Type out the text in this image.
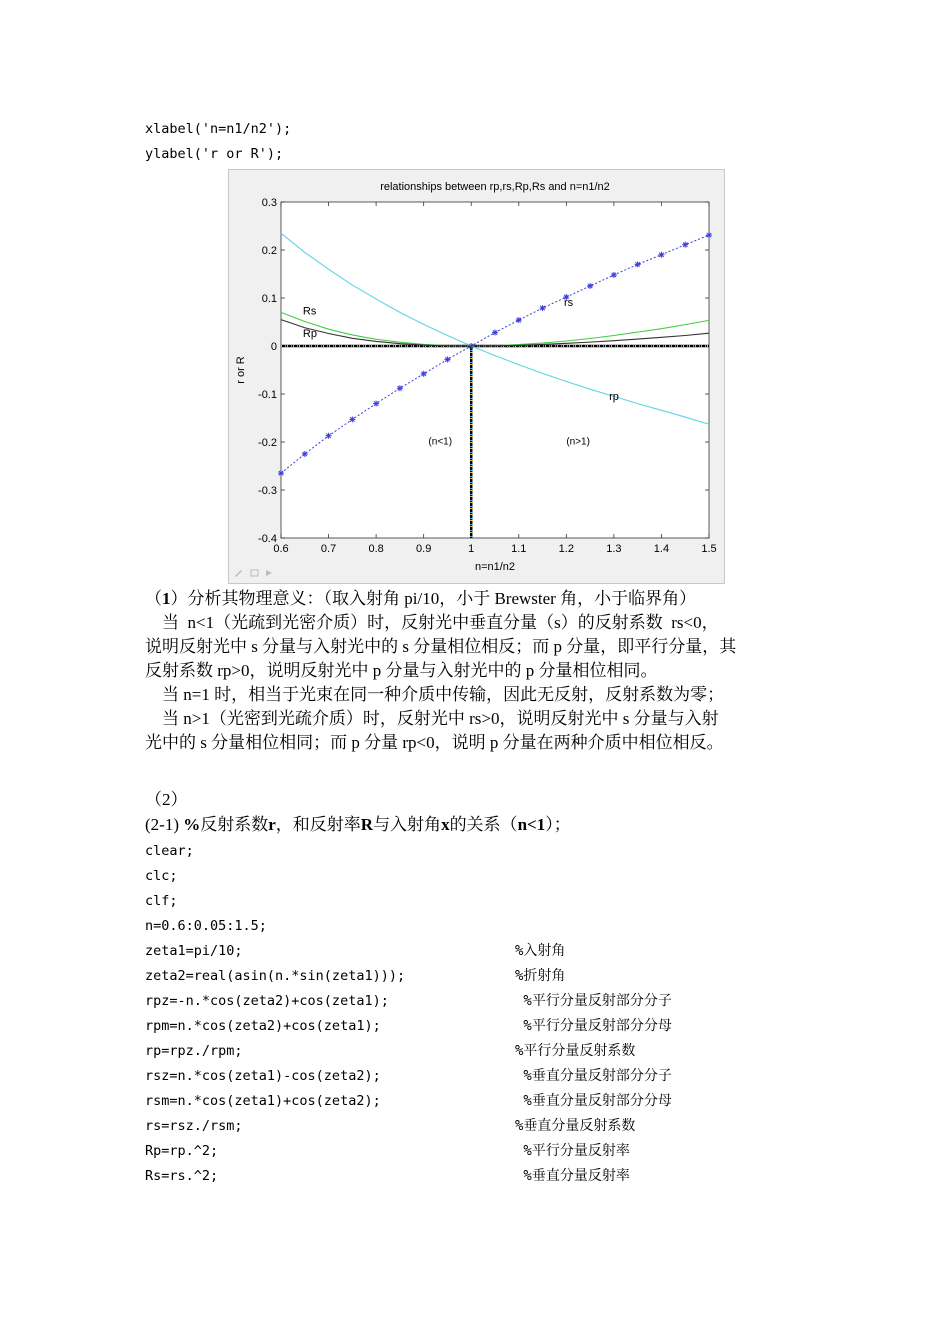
xlabel('n=n1/n2');
ylabel('r or R');
relationships between rp,rs,Rp,Rs and n=n1/n2
n=n1/n2
r or R
0.6	0.7	0.8	0.9	1	1.1	1.2	1.3	1.4	1.5
-0.4
-0.3
-0.2
-0.1
0
0.1
0.2
0.3
Rs
Rp
rs
rp
(n<1)	(n>1)
（1）分析其物理意义：（取入射角 pi/10，小于 Brewster 角，小于临界角）
当  n<1（光疏到光密介质）时，反射光中垂直分量（s）的反射系数  rs<0，
说明反射光中 s 分量与入射光中的 s 分量相位相反；而 p 分量，即平行分量，其
反射系数 rp>0，说明反射光中 p 分量与入射光中的 p 分量相位相同。
当 n=1 时，相当于光束在同一种介质中传输，因此无反射，反射系数为零；
当 n>1（光密到光疏介质）时，反射光中 rs>0，说明反射光中 s 分量与入射
光中的 s 分量相位相同；而 p 分量 rp<0，说明 p 分量在两种介质中相位相反。
（2）
(2-1) %反射系数r，和反射率R与入射角x的关系（n<1）；
clear;
clc;
clf;
n=0.6:0.05:1.5;
zeta1=pi/10;	%入射角
zeta2=real(asin(n.*sin(zeta1)));	%折射角
rpz=-n.*cos(zeta2)+cos(zeta1);	%平行分量反射部分分子
rpm=n.*cos(zeta2)+cos(zeta1);	%平行分量反射部分分母
rp=rpz./rpm;	%平行分量反射系数
rsz=n.*cos(zeta1)-cos(zeta2);	%垂直分量反射部分分子
rsm=n.*cos(zeta1)+cos(zeta2);	%垂直分量反射部分分母
rs=rsz./rsm;	%垂直分量反射系数
Rp=rp.^2;	%平行分量反射率
Rs=rs.^2;	%垂直分量反射率
